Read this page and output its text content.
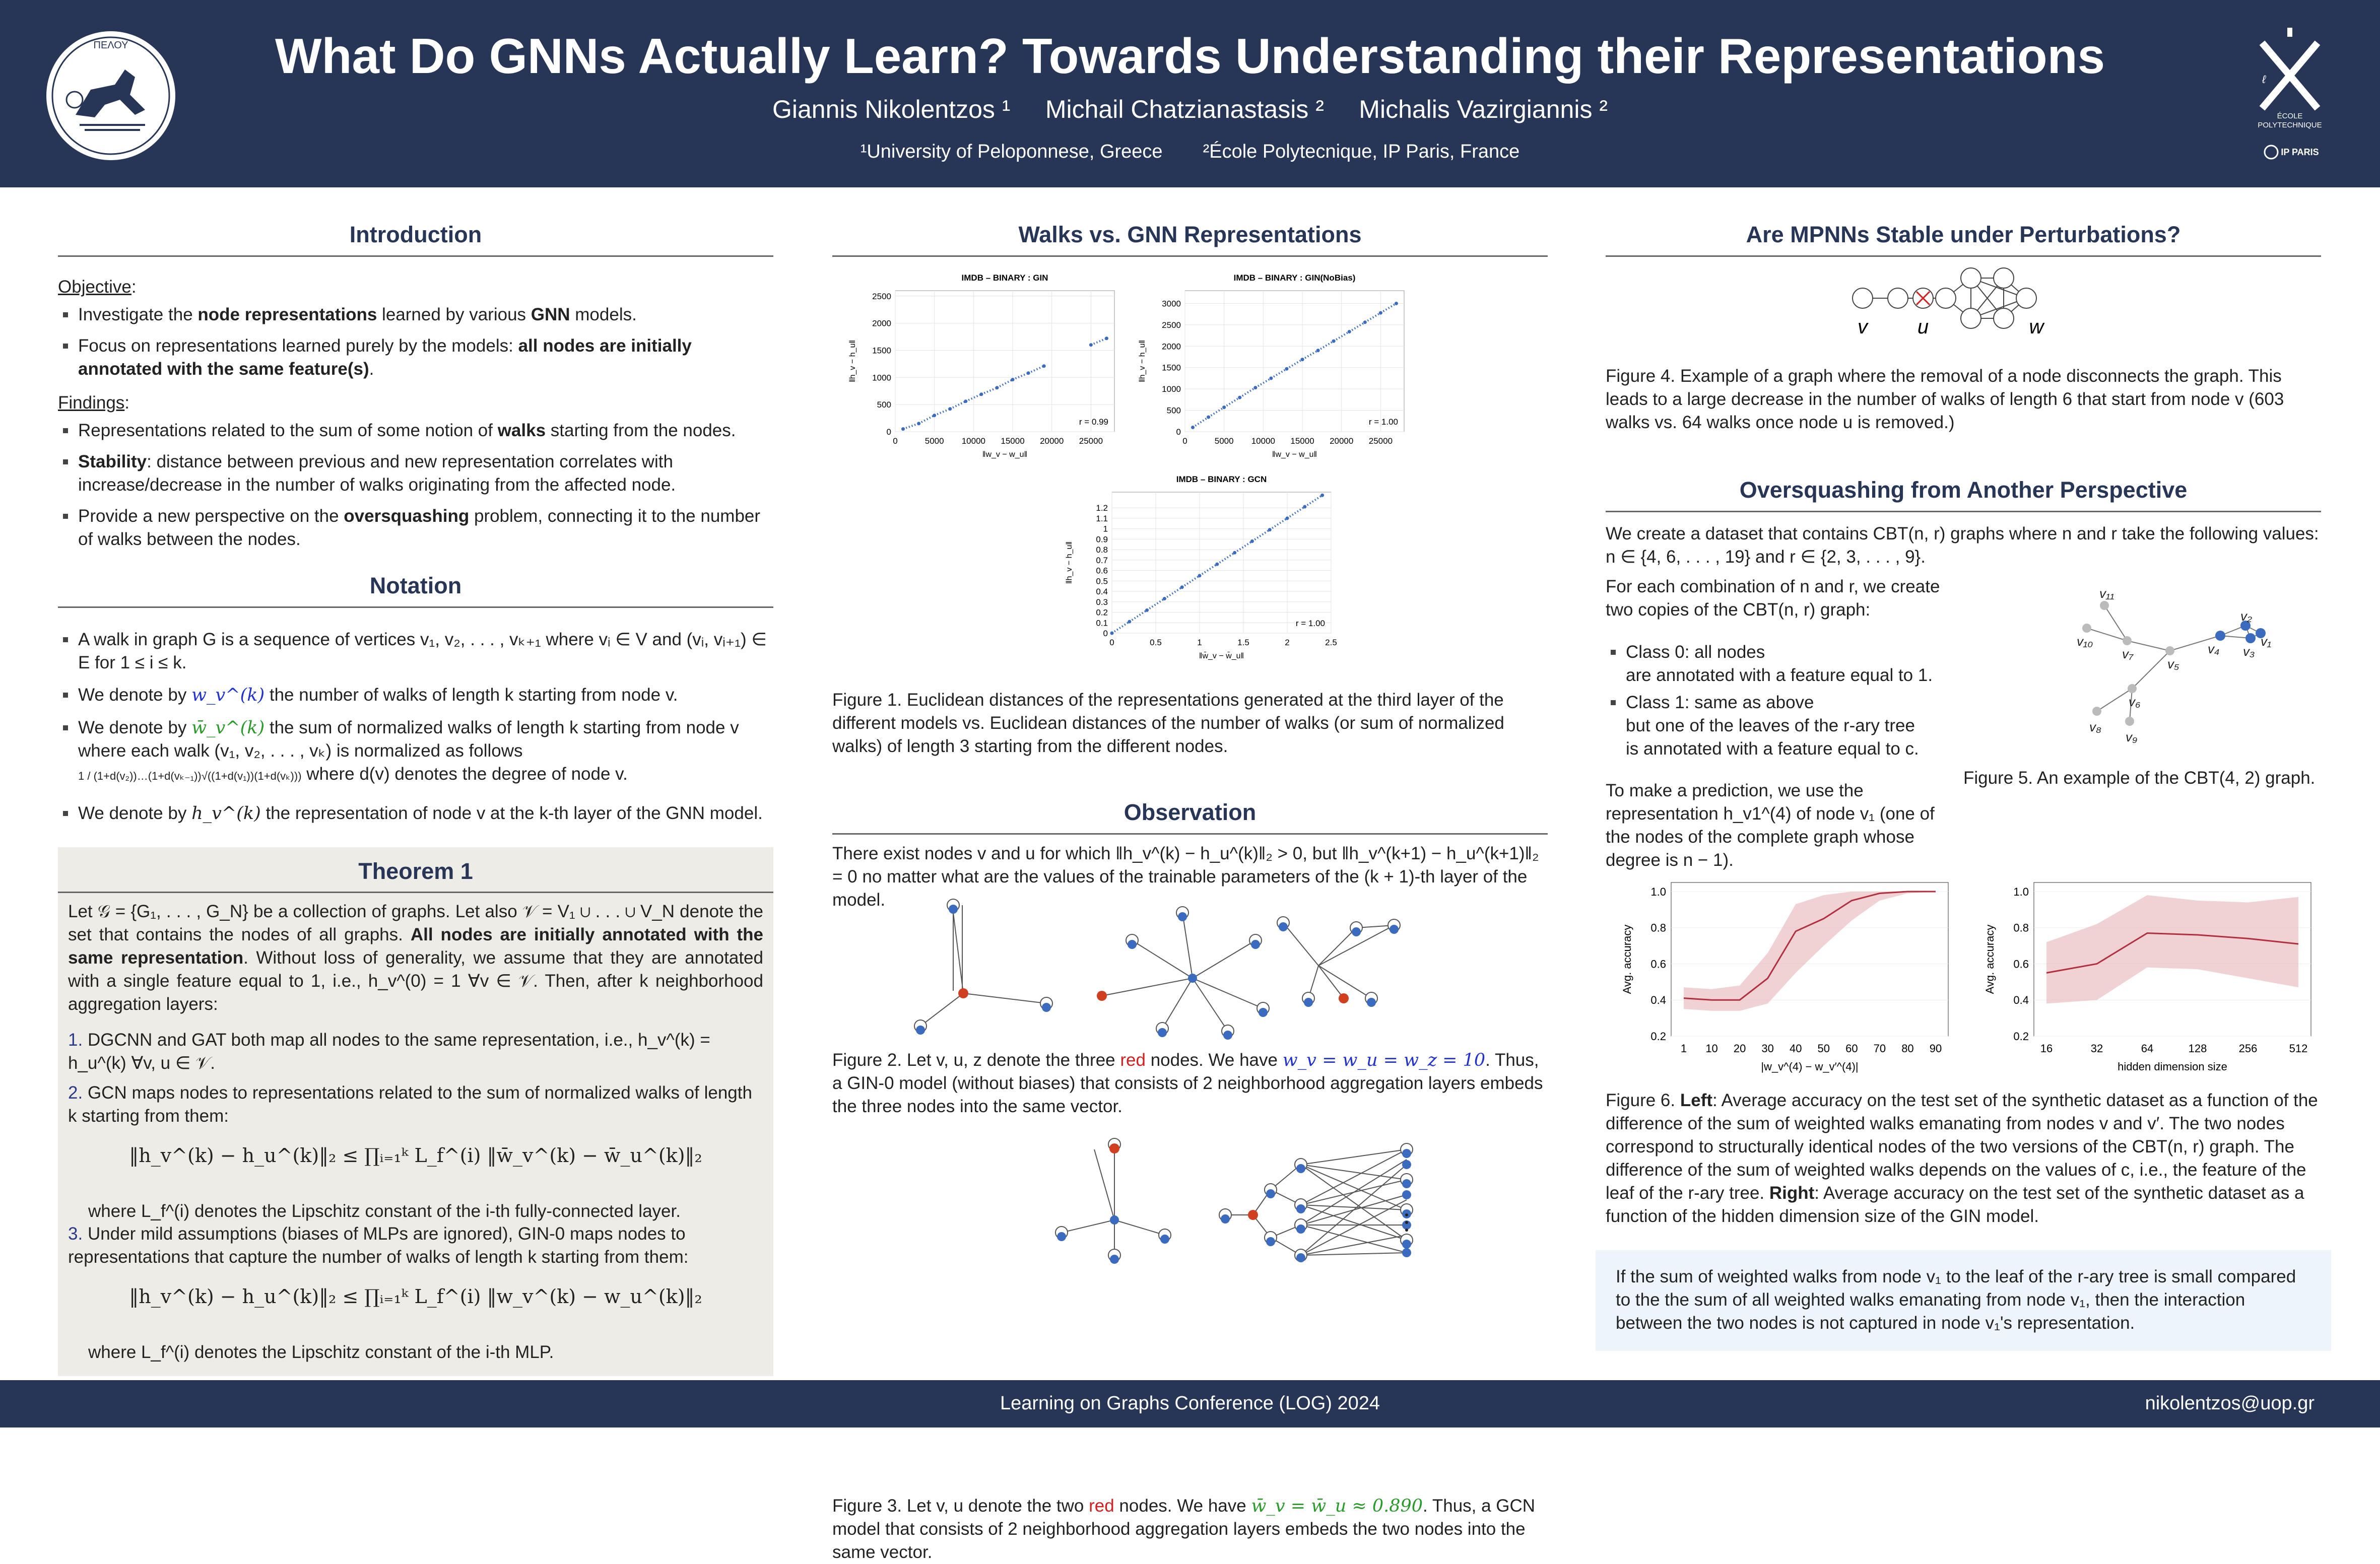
ΠΕΛΟΥ	What Do GNNs Actually Learn? Towards Understanding their Representations
Giannis Nikolentzos ¹     Michail Chatzianastasis ²     Michalis Vazirgiannis ²
¹University of Peloponnese, Greece ²École Polytecnique, IP Paris, France
ℓ
ÉCOLE
POLYTECHNIQUE
IP PARIS
Introduction
Objective:
Investigate the node representations learned by various GNN models.
Focus on representations learned purely by the models: all nodes are initially annotated with the same feature(s).
Findings:
Representations related to the sum of some notion of walks starting from the nodes.
Stability: distance between previous and new representation correlates with increase/decrease in the number of walks originating from the affected node.
Provide a new perspective on the oversquashing problem, connecting it to the number of walks between the nodes.
Notation
A walk in graph G is a sequence of vertices v₁, v₂, . . . , vₖ₊₁ where vᵢ ∈ V and (vᵢ, vᵢ₊₁) ∈ E for 1 ≤ i ≤ k.
We denote by w_v^(k) the number of walks of length k starting from node v.
We denote by w̄_v^(k) the sum of normalized walks of length k starting from node v where each walk (v₁, v₂, . . . , vₖ) is normalized as follows
1 / (1+d(v₂))…(1+d(vₖ₋₁))√((1+d(v₁))(1+d(vₖ))) where d(v) denotes the degree of node v.
We denote by h_v^(k) the representation of node v at the k-th layer of the GNN model.
Theorem 1
Let 𝒢 = {G₁, . . . , G_N} be a collection of graphs. Let also 𝒱 = V₁ ∪ . . . ∪ V_N denote the set that contains the nodes of all graphs. All nodes are initially annotated with the same representation. Without loss of generality, we assume that they are annotated with a single feature equal to 1, i.e., h_v^(0) = 1 ∀v ∈ 𝒱. Then, after k neighborhood aggregation layers:
1. DGCNN and GAT both map all nodes to the same representation, i.e., h_v^(k) = h_u^(k) ∀v, u ∈ 𝒱.
2. GCN maps nodes to representations related to the sum of normalized walks of length k starting from them:
‖h_v^(k) − h_u^(k)‖₂ ≤ ∏ᵢ₌₁ᵏ L_f^(i) ‖w̄_v^(k) − w̄_u^(k)‖₂
where L_f^(i) denotes the Lipschitz constant of the i-th fully-connected layer.
3. Under mild assumptions (biases of MLPs are ignored), GIN-0 maps nodes to representations that capture the number of walks of length k starting from them:
‖h_v^(k) − h_u^(k)‖₂ ≤ ∏ᵢ₌₁ᵏ L_f^(i) ‖w_v^(k) − w_u^(k)‖₂
where L_f^(i) denotes the Lipschitz constant of the i-th MLP.
Walks vs. GNN Representations
IMDB – BINARY : GIN
0	5000 10000 15000 20000 25000
0
500
1000
1500
2000
2500
r = 0.99
‖w_v − w_u‖
‖h_v − h_u‖
IMDB – BINARY : GIN(NoBias)
0	5000 10000 15000 20000 25000
0
500
1000
1500
2000
2500
3000
r = 1.00
‖w_v − w_u‖
‖h_v − h_u‖
IMDB – BINARY : GCN
0	0.5	1	1.5	2	2.5
0
0.1
0.2
0.3
0.4
0.5
0.6
0.7
0.8
0.9
1
1.1
1.2
r = 1.00
‖w̄_v − w̄_u‖
‖h_v − h_u‖
Figure 1. Euclidean distances of the representations generated at the third layer of the different models vs. Euclidean distances of the number of walks (or sum of normalized walks) of length 3 starting from the different nodes.
Observation
There exist nodes v and u for which ‖h_v^(k) − h_u^(k)‖₂ > 0, but ‖h_v^(k+1) − h_u^(k+1)‖₂ = 0 no matter what are the values of the trainable parameters of the (k + 1)-th layer of the model.
Figure 2. Let v, u, z denote the three red nodes. We have w_v = w_u = w_z = 10. Thus, a GIN-0 model (without biases) that consists of 2 neighborhood aggregation layers embeds the three nodes into the same vector.
Figure 3. Let v, u denote the two red nodes. We have w̄_v = w̄_u ≈ 0.890. Thus, a GCN model that consists of 2 neighborhood aggregation layers embeds the two nodes into the same vector.
Are MPNNs Stable under Perturbations?
v u	w
Figure 4. Example of a graph where the removal of a node disconnects the graph. This leads to a large decrease in the number of walks of length 6 that start from node v (603 walks vs. 64 walks once node u is removed.)
Oversquashing from Another Perspective
We create a dataset that contains CBT(n, r) graphs where n and r take the following values: n ∈ {4, 6, . . . , 19} and r ∈ {2, 3, . . . , 9}.
For each combination of n and r, we create two copies of the CBT(n, r) graph:
Class 0: all nodes
are annotated with a feature equal to 1.
Class 1: same as above
but one of the leaves of the r-ary tree
is annotated with a feature equal to c.
To make a prediction, we use the representation h_v1^(4) of node v₁ (one of the nodes of the complete graph whose degree is n − 1).
v₁₀
v₁₁
v₇
v₅
v₆
v₈
v₉
v₄ v₃
v₂
v₁
Figure 5. An example of the CBT(4, 2) graph.
0.2
0.4
0.6
0.8
1.0
1 10 20 30 40 50 60 70 80 90
|w_v^(4) − w_v′^(4)|
Avg. accuracy
0.2
0.4
0.6
0.8
1.0
16	32	64	128	256	512
hidden dimension size
Avg. accuracy
Figure 6. Left: Average accuracy on the test set of the synthetic dataset as a function of the difference of the sum of weighted walks emanating from nodes v and v′. The two nodes correspond to structurally identical nodes of the two versions of the CBT(n, r) graph. The difference of the sum of weighted walks depends on the values of c, i.e., the feature of the leaf of the r-ary tree. Right: Average accuracy on the test set of the synthetic dataset as a function of the hidden dimension size of the GIN model.
If the sum of weighted walks from node v₁ to the leaf of the r-ary tree is small compared to the the sum of all weighted walks emanating from node v₁, then the interaction between the two nodes is not captured in node v₁'s representation.
Learning on Graphs Conference (LOG) 2024	nikolentzos@uop.gr
